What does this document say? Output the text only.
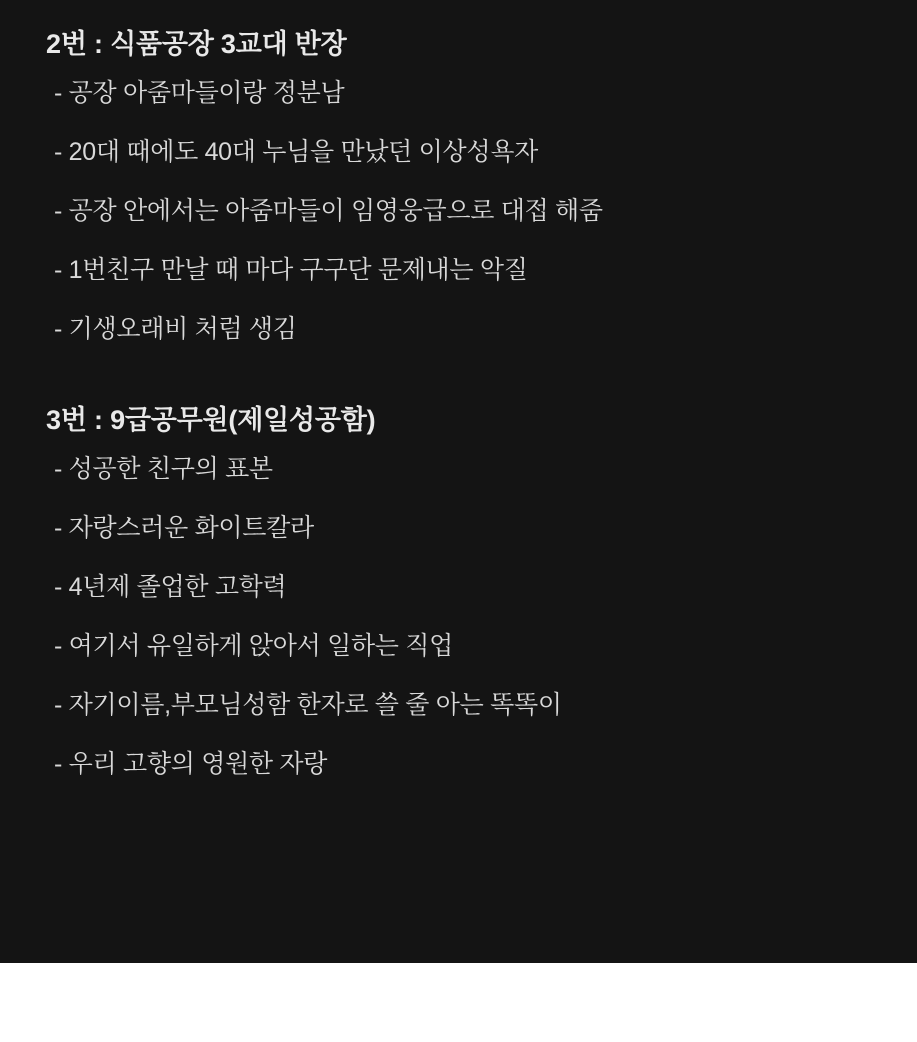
2번 : 식품공장 3교대 반장
- 공장 아줌마들이랑 정분남
- 20대 때에도 40대 누님을 만났던 이상성욕자
- 공장 안에서는 아줌마들이 임영웅급으로 대접 해줌
- 1번친구 만날 때 마다 구구단 문제내는 악질
- 기생오래비 처럼 생김
3번 : 9급공무원(제일성공함)
- 성공한 친구의 표본
- 자랑스러운 화이트칼라
- 4년제 졸업한 고학력
- 여기서 유일하게 앉아서 일하는 직업
- 자기이름,부모님성함 한자로 쓸 줄 아는 똑똑이
- 우리 고향의 영원한 자랑
